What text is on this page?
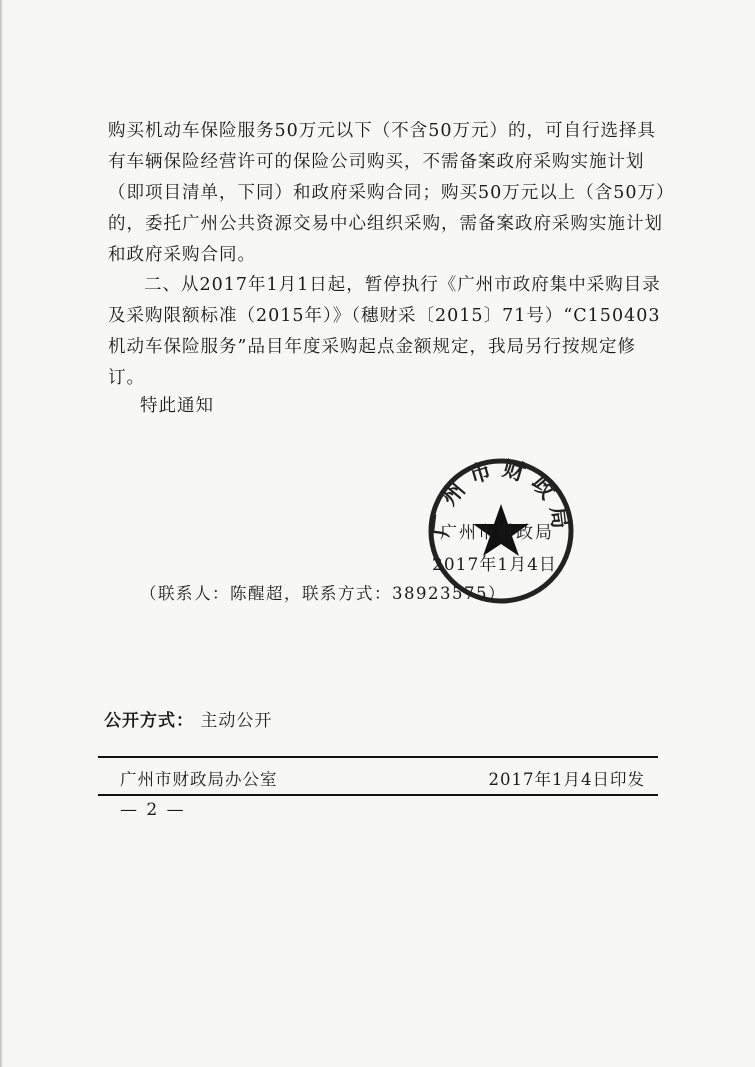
购买机动车保险服务50万元以下（不含50万元）的，可自行选择具有车辆保险经营许可的保险公司购买，不需备案政府采购实施计划（即项目清单，下同）和政府采购合同；购买50万元以上（含50万）的，委托广州公共资源交易中心组织采购，需备案政府采购实施计划和政府采购合同。
二、从2017年1月1日起，暂停执行《广州市政府集中采购目录及采购限额标准（2015年）》（穗财采〔2015〕71号）“C150403 机动车保险服务”品目年度采购起点金额规定，我局另行按规定修订。
特此通知
广州市财政局
广州市财政局
2017年1月4日
（联系人：陈醒超，联系方式：38923575）
公开方式： 主动公开
广州市财政局办公室	2017年1月4日印发
— 2 —
